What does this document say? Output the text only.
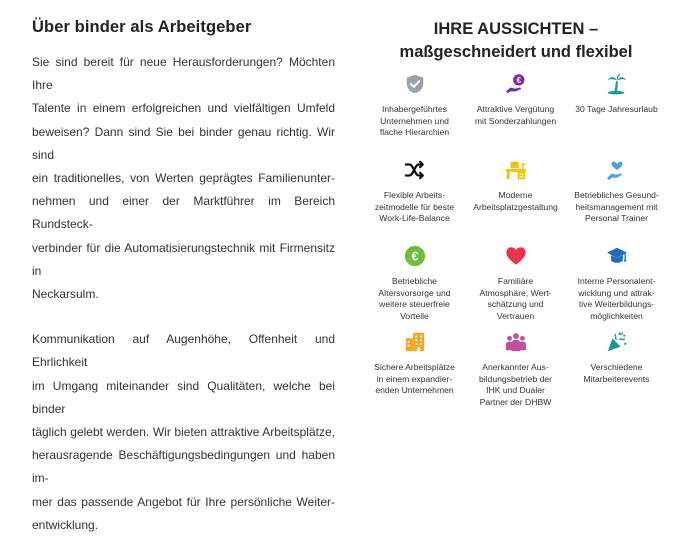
Über binder als Arbeitgeber

Sie sind bereit für neue Herausforderungen? Möchten Ihre
Talente in einem erfolgreichen und vielfältigen Umfeld
beweisen? Dann sind Sie bei binder genau richtig. Wir sind
ein traditionelles, von Werten geprägtes Familienunter-
nehmen und einer der Marktführer im Bereich Rundsteck-
verbinder für die Automatisierungstechnik mit Firmensitz in
Neckarsulm.

Kommunikation auf Augenhöhe, Offenheit und Ehrlichkeit
im Umgang miteinander sind Qualitäten, welche bei binder
täglich gelebt werden. Wir bieten attraktive Arbeitsplätze,
herausragende Beschäftigungsbedingungen und haben im-
mer das passende Angebot für Ihre persönliche Weiter-
entwicklung.

IHRE AUSSICHTEN –
maßgeschneidert und flexibel
Inhabergeführtes
Unternehmen und
flache Hierarchien
€
Attraktive Vergütung
mit Sonderzahlungen
30 Tage Jahresurlaub
Flexible Arbeits-
zeitmodelle für beste
Work-Life-Balance
Moderne
Arbeitsplatzgestaltung
Betriebliches Gesund-
heitsmanagement mit
Personal Trainer
€
Betriebliche
Altersvorsorge und
weitere steuerfreie
Vorteile
Familiäre
Atmosphäre, Wert-
schätzung und
Vertrauen
Interne Personalent-
wicklung und attrak-
tive Weiterbildungs-
möglichkeiten
Sichere Arbeitsplätze
in einem expandier-
enden Unternehmen
Anerkannter Aus-
bildungsbetrieb der
IHK und Dualer
Partner der DHBW
Verschiedene
Mitarbeiterevents
